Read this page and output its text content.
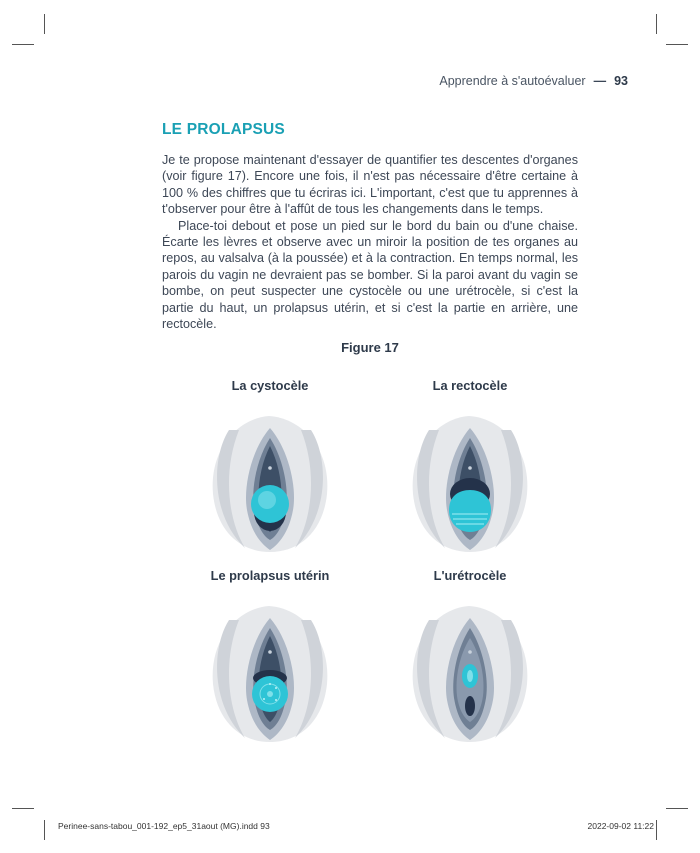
Apprendre à s'autoévaluer — 93
LE PROLAPSUS

Je te propose maintenant d'essayer de quantifier tes descentes d'organes (voir figure 17). Encore une fois, il n'est pas nécessaire d'être certaine à 100 % des chiffres que tu écriras ici. L'important, c'est que tu apprennes à t'observer pour être à l'affût de tous les changements dans le temps.

Place-toi debout et pose un pied sur le bord du bain ou d'une chaise. Écarte les lèvres et observe avec un miroir la position de tes organes au repos, au valsalva (à la poussée) et à la contraction. En temps normal, les parois du vagin ne devraient pas se bomber. Si la paroi avant du vagin se bombe, on peut suspecter une cystocèle ou une urétrocèle, si c'est la partie du haut, un prolapsus utérin, et si c'est la partie en arrière, une rectocèle.

Figure 17
La cystocèle	La rectocèle
Le prolapsus utérin	L'urétrocèle
Perinee-sans-tabou_001-192_ep5_31aout (MG).indd 93	2022-09-02 11:22
